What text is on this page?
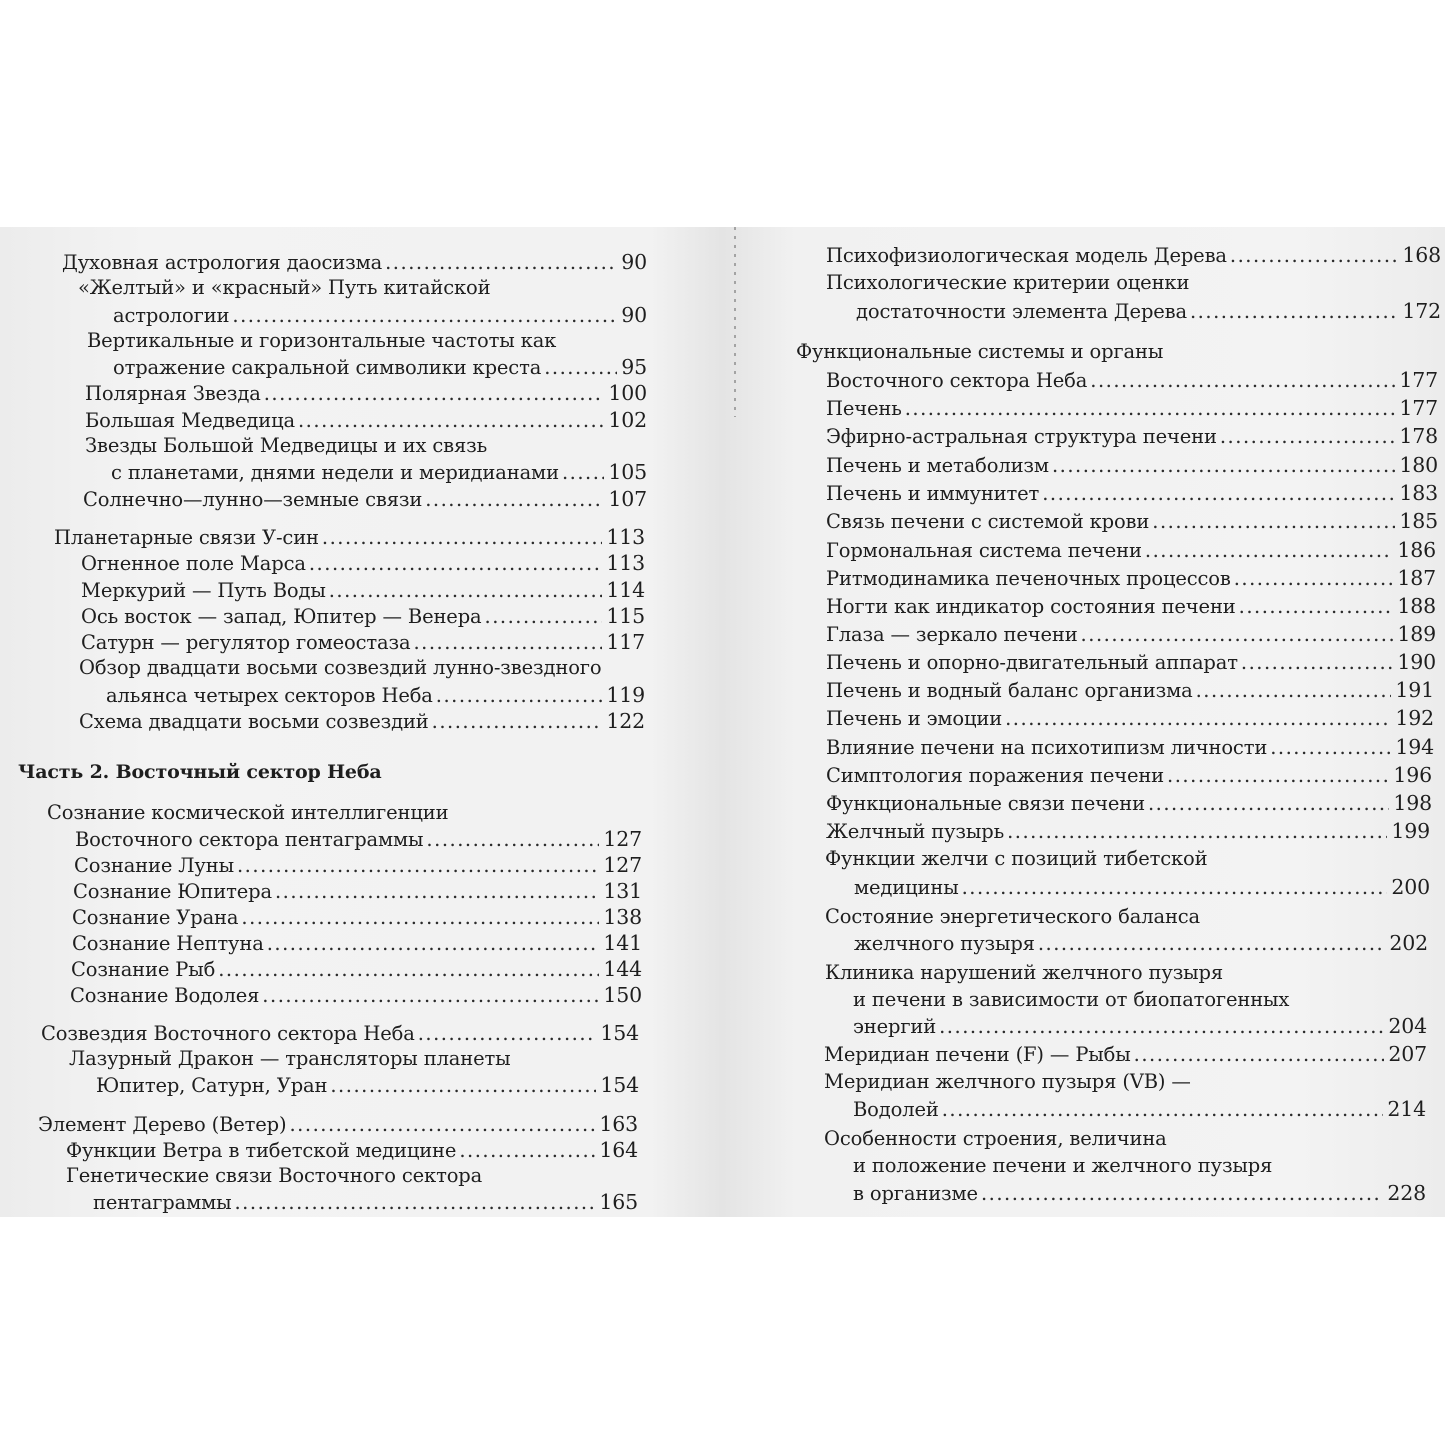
Духовная астрология даосизма .....	90
«Желтый» и «красный» Путь китайской
астрологии .....	90
Вертикальные и горизонтальные частоты как
отражение сакральной символики креста .....	95
Полярная Звезда .....	100
Большая Медведица .....	102
Звезды Большой Медведицы и их связь
с планетами, днями недели и меридианами ..... 105
Солнечно—лунно—земные связи .....	107
Планетарные связи У-син .....	113
Огненное поле Марса .....	113
Меркурий — Путь Воды .....	114
Ось восток — запад, Юпитер — Венера .....	115
Сатурн — регулятор гомеостаза .....	117
Обзор двадцати восьми созвездий лунно-звездного
альянса четырех секторов Неба .....	119
Схема двадцати восьми созвездий .....	122
Часть 2. Восточный сектор Неба
Сознание космической интеллигенции
Восточного сектора пентаграммы .....	127
Сознание Луны .....	127
Сознание Юпитера .....	131
Сознание Урана .....	138
Сознание Нептуна .....	141
Сознание Рыб .....	144
Сознание Водолея .....	150
Созвездия Восточного сектора Неба .....	154
Лазурный Дракон — трансляторы планеты
Юпитер, Сатурн, Уран .....	154
Элемент Дерево (Ветер) .....	163
Функции Ветра в тибетской медицине .....	164
Генетические связи Восточного сектора
пентаграммы .....	165
Психофизиологическая модель Дерева .....	168
Психологические критерии оценки
достаточности элемента Дерева .....	172
Функциональные системы и органы
Восточного сектора Неба .....	177
Печень .....	177
Эфирно-астральная структура печени .....	178
Печень и метаболизм .....	180
Печень и иммунитет .....	183
Связь печени с системой крови .....	185
Гормональная система печени .....	186
Ритмодинамика печеночных процессов .....	187
Ногти как индикатор состояния печени .....	188
Глаза — зеркало печени .....	189
Печень и опорно-двигательный аппарат .....	190
Печень и водный баланс организма .....	191
Печень и эмоции .....	192
Влияние печени на психотипизм личности .....	194
Симптология поражения печени .....	196
Функциональные связи печени .....	198
Желчный пузырь .....	199
Функции желчи с позиций тибетской
медицины .....	200
Состояние энергетического баланса
желчного пузыря .....	202
Клиника нарушений желчного пузыря
и печени в зависимости от биопатогенных
энергий .....	204
Меридиан печени (F) — Рыбы .....	207
Меридиан желчного пузыря (VB) —
Водолей .....	214
Особенности строения, величина
и положение печени и желчного пузыря
в организме .....	228
